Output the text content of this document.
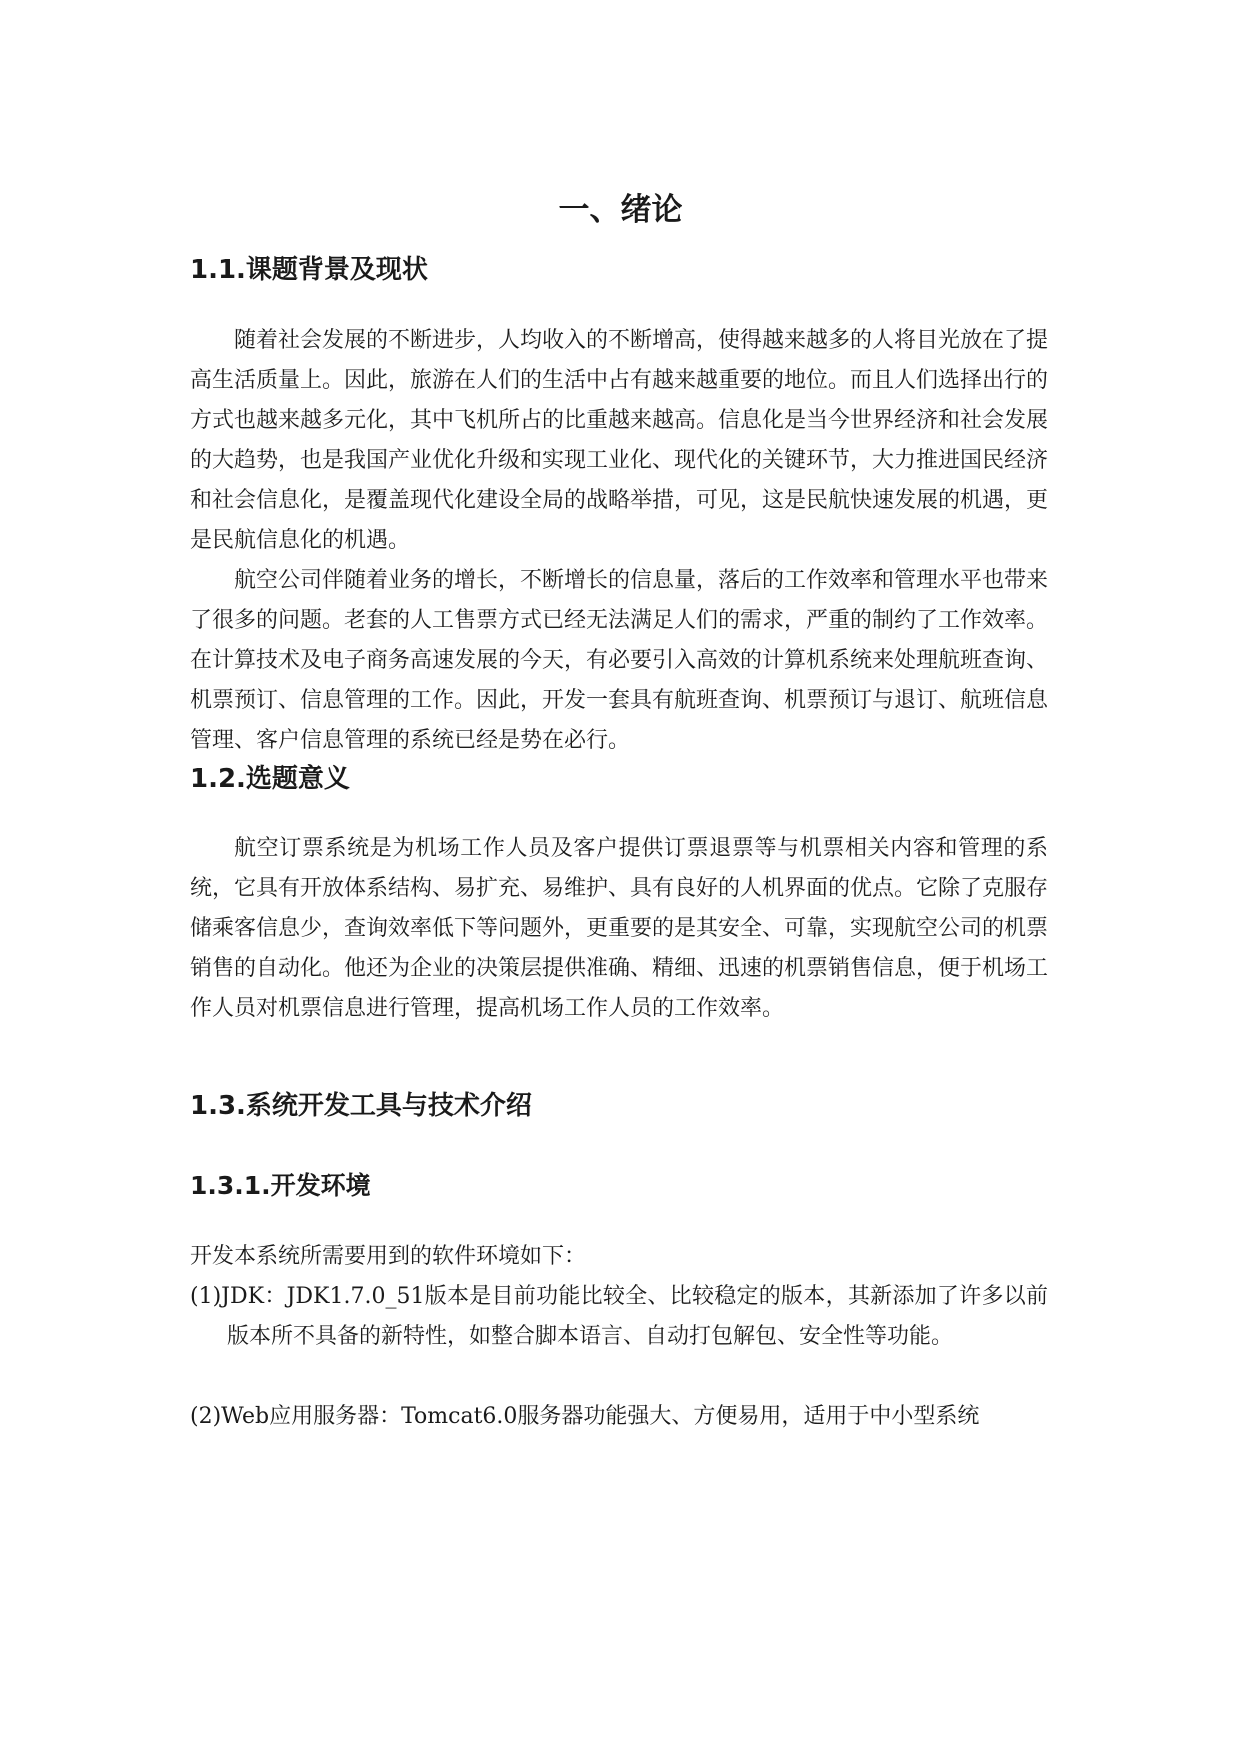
一、绪论
1.1.课题背景及现状

随着社会发展的不断进步，人均收入的不断增高，使得越来越多的人将目光放在了提高生活质量上。因此，旅游在人们的生活中占有越来越重要的地位。而且人们选择出行的方式也越来越多元化，其中飞机所占的比重越来越高。信息化是当今世界经济和社会发展的大趋势，也是我国产业优化升级和实现工业化、现代化的关键环节，大力推进国民经济和社会信息化，是覆盖现代化建设全局的战略举措，可见，这是民航快速发展的机遇，更是民航信息化的机遇。

航空公司伴随着业务的增长，不断增长的信息量，落后的工作效率和管理水平也带来了很多的问题。老套的人工售票方式已经无法满足人们的需求，严重的制约了工作效率。在计算技术及电子商务高速发展的今天，有必要引入高效的计算机系统来处理航班查询、机票预订、信息管理的工作。因此，开发一套具有航班查询、机票预订与退订、航班信息管理、客户信息管理的系统已经是势在必行。

1.2.选题意义

航空订票系统是为机场工作人员及客户提供订票退票等与机票相关内容和管理的系统，它具有开放体系结构、易扩充、易维护、具有良好的人机界面的优点。它除了克服存储乘客信息少，查询效率低下等问题外，更重要的是其安全、可靠，实现航空公司的机票销售的自动化。他还为企业的决策层提供准确、精细、迅速的机票销售信息，便于机场工作人员对机票信息进行管理，提高机场工作人员的工作效率。

1.3.系统开发工具与技术介绍
1.3.1.开发环境

开发本系统所需要用到的软件环境如下：

(1)JDK：JDK1.7.0_51版本是目前功能比较全、比较稳定的版本，其新添加了许多以前版本所不具备的新特性，如整合脚本语言、自动打包解包、安全性等功能。

(2)Web应用服务器：Tomcat6.0服务器功能强大、方便易用，适用于中小型系统
